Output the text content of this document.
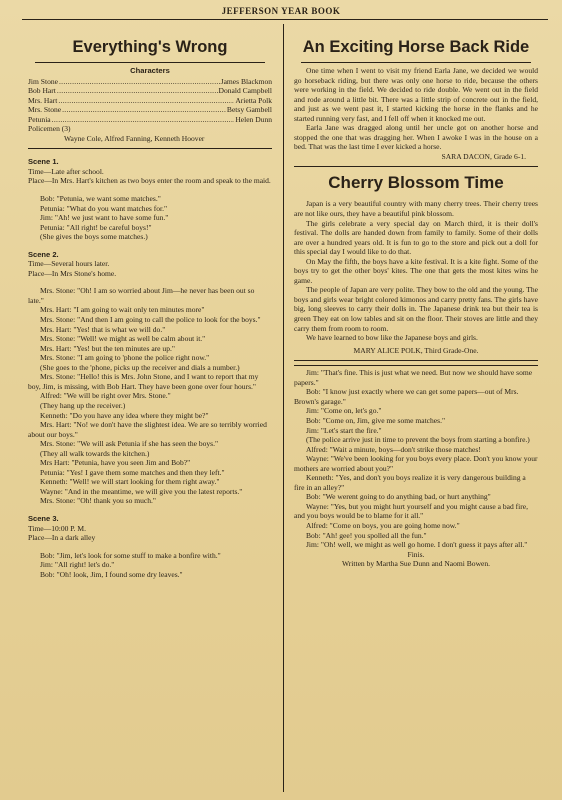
JEFFERSON YEAR BOOK
Everything's Wrong
Characters
Jim Stone .....	James Blackmon
Bob Hart .....	Donald Campbell
Mrs. Hart .....	Arietta Polk
Mrs. Stone .....	Betsy Gambell
Petunia .....	Helen Dunn
Policemen (3)
Wayne Cole, Alfred Fanning, Kenneth Hoover
Scene 1.

Time—Late after school.

Place—In Mrs. Hart's kitchen as two boys enter the room and speak to the maid.

Bob: "Petunia, we want some matches."

Petunia: "What do you want matches for."

Jim: "Ah! we just want to have some fun."

Petunia: "All right! be careful boys!"

(She gives the boys some matches.)

Scene 2.

Time—Several hours later.

Place—In Mrs Stone's home.

Mrs. Stone: "Oh! I am so worried about Jim—he never has been out so late."

Mrs. Hart: "I am going to wait only ten minutes more"

Mrs. Stone: "And then I am going to call the police to look for the boys."

Mrs. Hart: "Yes! that is what we will do."

Mrs. Stone: "Well! we might as well be calm about it."

Mrs. Hart: "Yes! but the ten minutes are up."

Mrs. Stone: "I am going to 'phone the police right now."

(She goes to the 'phone, picks up the receiver and dials a number.)

Mrs. Stone: "Hello! this is Mrs. John Stone, and I want to report that my boy, Jim, is missing, with Bob Hart. They have been gone over four hours."

Alfred: "We will be right over Mrs. Stone."

(They hang up the receiver.)

Kenneth: "Do you have any idea where they might be?"

Mrs. Hart: "No! we don't have the slightest idea. We are so terribly worried about our boys."

Mrs. Stone: "We will ask Petunia if she has seen the boys."

(They all walk towards the kitchen.)

Mrs Hart: "Petunia, have you seen Jim and Bob?"

Petunia: "Yes! I gave them some matches and then they left."

Kenneth: "Well! we will start looking for them right away."

Wayne: "And in the meantime, we will give you the latest reports."

Mrs. Stone: "Oh! thank you so much."

Scene 3.

Time—10:00 P. M.

Place—In a dark alley

Bob: "Jim, let's look for some stuff to make a bonfire with."

Jim: "All right! let's do."

Bob: "Oh! look, Jim, I found some dry leaves."

An Exciting Horse Back Ride

One time when I went to visit my friend Earla Jane, we decided we would go horseback riding, but there was only one horse to ride, because the others were working in the field. We decided to ride double. We went out in the field and rode around a little bit. There was a little strip of concrete out in the field, and just as we went past it, I started kicking the horse in the flanks and he started running very fast, and I fell off when it knocked me out.

Earla Jane was dragged along until her uncle got on another horse and stopped the one that was dragging her. When I awoke I was in the house on a bed. That was the last time I ever kicked a horse.

SARA DACON, Grade 6-1.

Cherry Blossom Time

Japan is a very beautiful country with many cherry trees. Their cherry trees are not like ours, they have a beautiful pink blossom.

The girls celebrate a very special day on March third, it is their doll's festival. The dolls are handed down from family to family. Some of their dolls are over a hundred years old. It is fun to go to the store and pick out a doll for this special day I would like to do that.

On May the fifth, the boys have a kite festival. It is a kite fight. Some of the boys try to get the other boys' kites. The one that gets the most kites wins he game.

The people of Japan are very polite. They bow to the old and the young. The boys and girls wear bright colored kimonos and carry pretty fans. The girls have big, long sleeves to carry their dolls in. The Japanese drink tea but their tea is green They eat on low tables and sit on the floor. Their stoves are little and they carry them from room to room.

We have learned to bow like the Japanese boys and girls.

MARY ALICE POLK, Third Grade-One.

Jim: "That's fine. This is just what we need. But now we should have some papers."

Bob: "I know just exactly where we can get some papers—out of Mrs. Brown's garage."

Jim: "Come on, let's go."

Bob: "Come on, Jim, give me some matches."

Jim: "Let's start the fire."

(The police arrive just in time to prevent the boys from starting a bonfire.)

Alfred: "Wait a minute, boys—don't strike those matches!

Wayne: "We've been looking for you boys every place. Don't you know your mothers are worried about you?"

Kenneth: "Yes, and don't you boys realize it is very dangerous building a fire in an alley?"

Bob: "We werent going to do anything bad, or hurt anything"

Wayne: "Yes, but you might hurt yourself and you might cause a bad fire, and you boys would be to blame for it all."

Alfred: "Come on boys, you are going home now."

Bob: "Ah! gee! you spolled all the fun."

Jim: "Oh! well, we might as well go home. I don't guess it pays after all."

Finis.

Written by Martha Sue Dunn and Naomi Bowen.
